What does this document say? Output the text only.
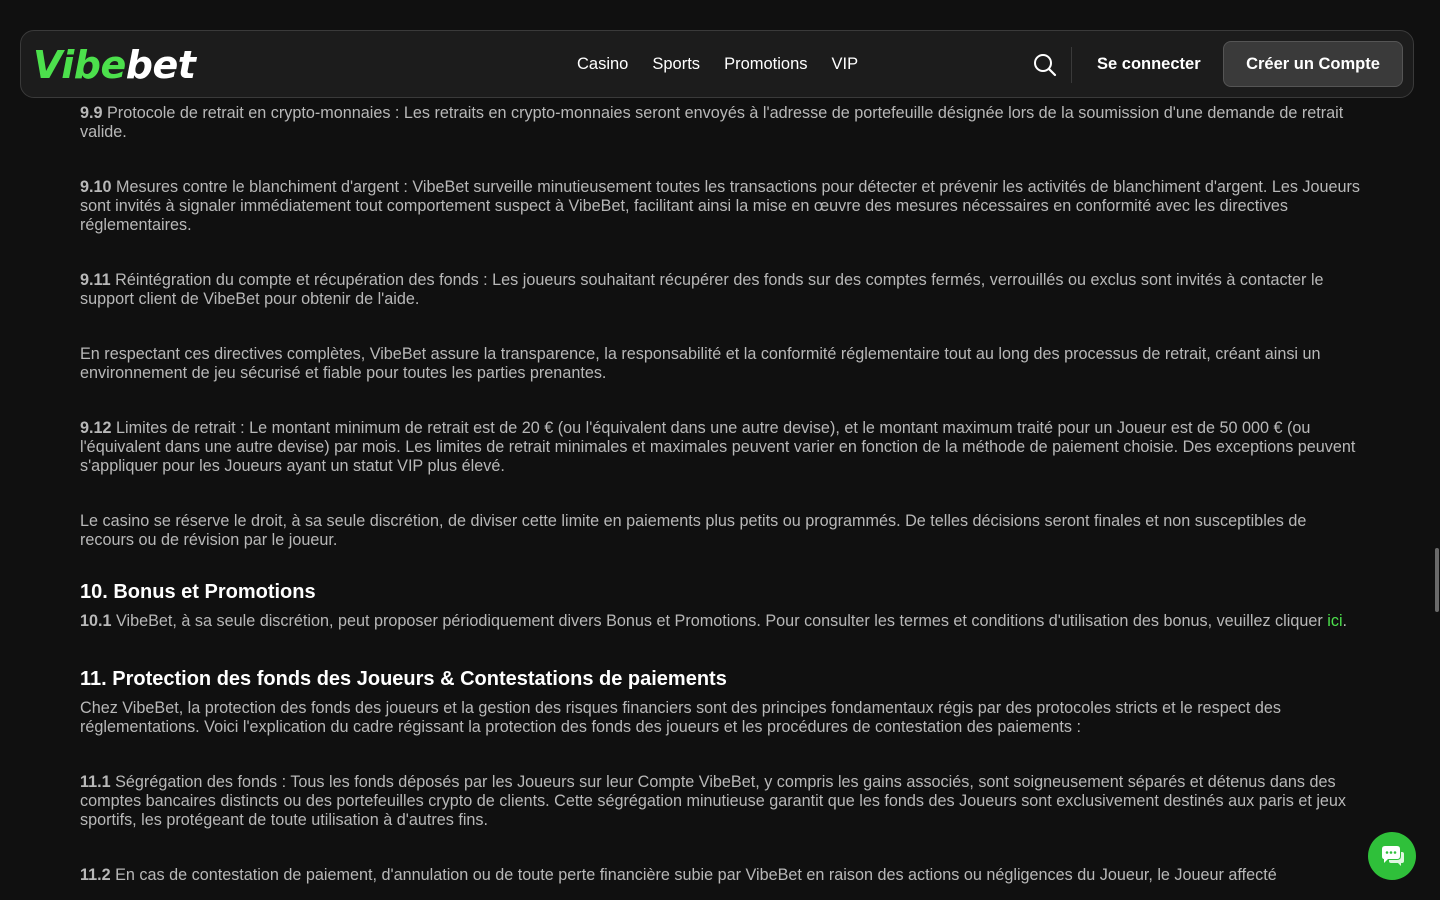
9.9 Protocole de retrait en crypto-monnaies : Les retraits en crypto-monnaies seront envoyés à l'adresse de portefeuille désignée lors de la soumission d'une demande de retrait valide.

9.10 Mesures contre le blanchiment d'argent : VibeBet surveille minutieusement toutes les transactions pour détecter et prévenir les activités de blanchiment d'argent. Les Joueurs sont invités à signaler immédiatement tout comportement suspect à VibeBet, facilitant ainsi la mise en œuvre des mesures nécessaires en conformité avec les directives réglementaires.

9.11 Réintégration du compte et récupération des fonds : Les joueurs souhaitant récupérer des fonds sur des comptes fermés, verrouillés ou exclus sont invités à contacter le support client de VibeBet pour obtenir de l'aide.

En respectant ces directives complètes, VibeBet assure la transparence, la responsabilité et la conformité réglementaire tout au long des processus de retrait, créant ainsi un environnement de jeu sécurisé et fiable pour toutes les parties prenantes.

9.12 Limites de retrait : Le montant minimum de retrait est de 20 € (ou l'équivalent dans une autre devise), et le montant maximum traité pour un Joueur est de 50 000 € (ou l'équivalent dans une autre devise) par mois. Les limites de retrait minimales et maximales peuvent varier en fonction de la méthode de paiement choisie. Des exceptions peuvent s'appliquer pour les Joueurs ayant un statut VIP plus élevé.

Le casino se réserve le droit, à sa seule discrétion, de diviser cette limite en paiements plus petits ou programmés. De telles décisions seront finales et non susceptibles de recours ou de révision par le joueur.

10. Bonus et Promotions

10.1 VibeBet, à sa seule discrétion, peut proposer périodiquement divers Bonus et Promotions. Pour consulter les termes et conditions d'utilisation des bonus, veuillez cliquer ici.

11. Protection des fonds des Joueurs & Contestations de paiements

Chez VibeBet, la protection des fonds des joueurs et la gestion des risques financiers sont des principes fondamentaux régis par des protocoles stricts et le respect des réglementations. Voici l'explication du cadre régissant la protection des fonds des joueurs et les procédures de contestation des paiements :

11.1 Ségrégation des fonds : Tous les fonds déposés par les Joueurs sur leur Compte VibeBet, y compris les gains associés, sont soigneusement séparés et détenus dans des comptes bancaires distincts ou des portefeuilles crypto de clients. Cette ségrégation minutieuse garantit que les fonds des Joueurs sont exclusivement destinés aux paris et jeux sportifs, les protégeant de toute utilisation à d'autres fins.

11.2 En cas de contestation de paiement, d'annulation ou de toute perte financière subie par VibeBet en raison des actions ou négligences du Joueur, le Joueur affecté

Vibebet	Casino Sports Promotions VIP	Se connecter	Créer un Compte
